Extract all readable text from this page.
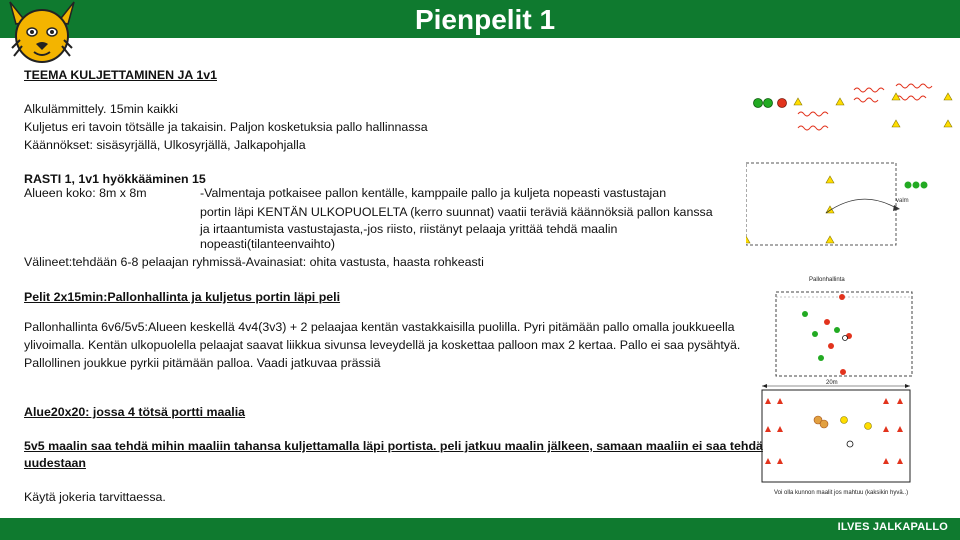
Pienpelit 1
TEEMA KULJETTAMINEN JA 1v1
Alkulämmittely. 15min kaikki
Kuljetus eri tavoin tötsälle ja takaisin. Paljon kosketuksia pallo hallinnassa
Käännökset: sisäsyrjällä, Ulkosyrjällä, Jalkapohjalla
RASTI 1, 1v1 hyökkääminen 15
Alueen koko: 8m x 8m	-Valmentaja potkaisee pallon kentälle, kamppaile pallo ja kuljeta nopeasti vastustajan
portin läpi KENTÄN ULKOPUOLELTA (kerro suunnat) vaatii teräviä käännöksiä pallon kanssa
ja irtaantumista vastustajasta,-jos riisto, riistänyt pelaaja yrittää tehdä maalin
nopeasti(tilanteenvaihto)
Välineet:tehdään 6-8 pelaajan ryhmissä-Avainasiat: ohita vastusta, haasta rohkeasti
Pelit 2x15min:Pallonhallinta ja kuljetus portin läpi peli
Pallonhallinta 6v6/5v5:Alueen keskellä 4v4(3v3) + 2 pelaajaa kentän vastakkaisilla puolilla. Pyri pitämään pallo omalla joukkueella
ylivoimalla. Kentän ulkopuolella pelaajat saavat liikkua sivunsa leveydellä ja koskettaa palloon max 2 kertaa. Pallo ei saa pysähtyä.
Pallollinen joukkue pyrkii pitämään palloa. Vaadi jatkuvaa prässiä
Alue20x20: jossa 4 tötsä portti maalia
5v5 maalin saa tehdä mihin maaliin tahansa kuljettamalla läpi portista. peli jatkuu maalin jälkeen, samaan maaliin ei saa tehdä
uudestaan
Käytä jokeria tarvittaessa.
valm
Pallonhallinta
20m
Voi olla kunnon maalit jos mahtuu (kaksikin hyvä..)
ILVES JALKAPALLO
